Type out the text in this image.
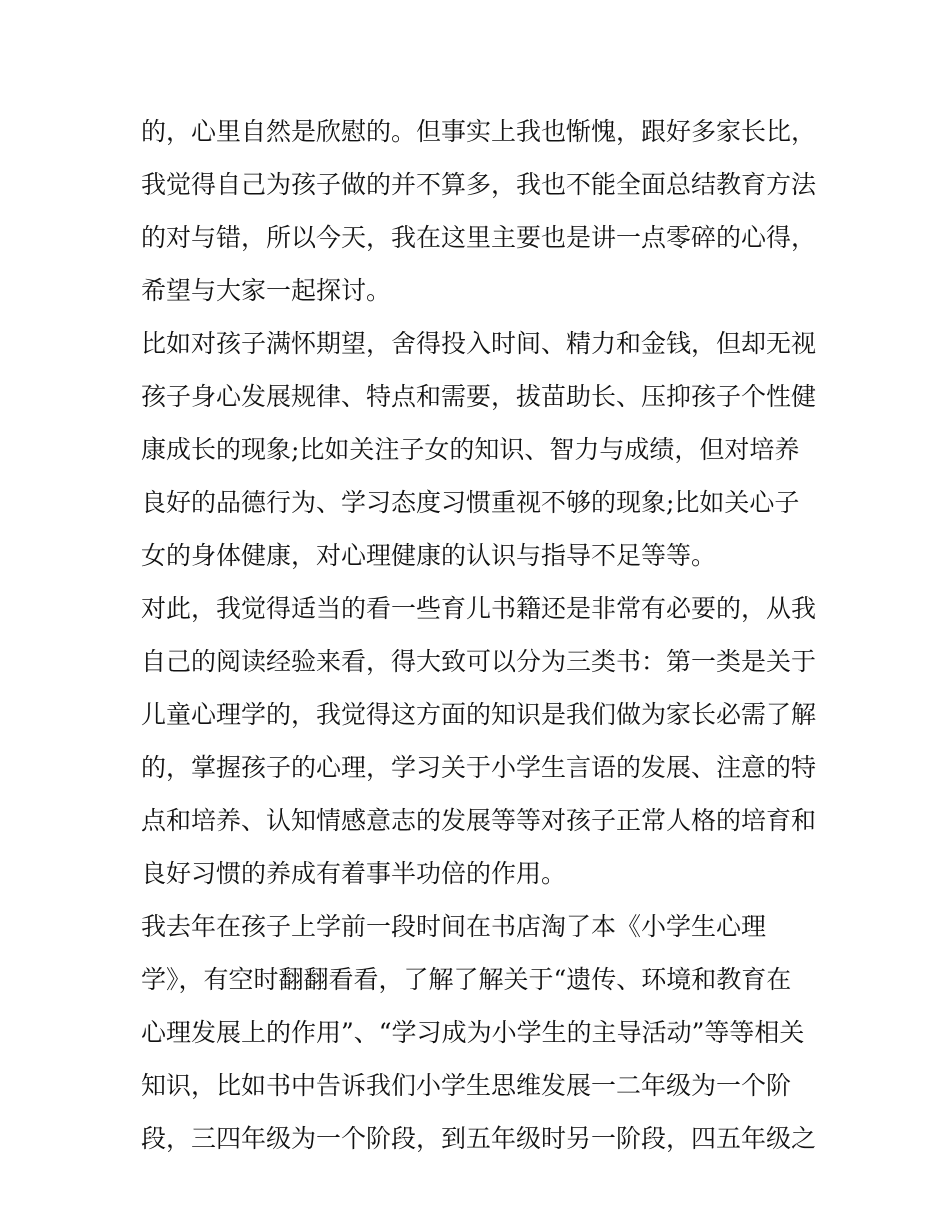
的，心里自然是欣慰的。但事实上我也惭愧，跟好多家长比，
我觉得自己为孩子做的并不算多，我也不能全面总结教育方法
的对与错，所以今天，我在这里主要也是讲一点零碎的心得，
希望与大家一起探讨。
比如对孩子满怀期望，舍得投入时间、精力和金钱，但却无视
孩子身心发展规律、特点和需要，拔苗助长、压抑孩子个性健
康成长的现象;比如关注子女的知识、智力与成绩，但对培养
良好的品德行为、学习态度习惯重视不够的现象;比如关心子
女的身体健康，对心理健康的认识与指导不足等等。
对此，我觉得适当的看一些育儿书籍还是非常有必要的，从我
自己的阅读经验来看，得大致可以分为三类书：第一类是关于
儿童心理学的，我觉得这方面的知识是我们做为家长必需了解
的，掌握孩子的心理，学习关于小学生言语的发展、注意的特
点和培养、认知情感意志的发展等等对孩子正常人格的培育和
良好习惯的养成有着事半功倍的作用。
我去年在孩子上学前一段时间在书店淘了本《小学生心理
学》，有空时翻翻看看，了解了解关于“遗传、环境和教育在
心理发展上的作用”、“学习成为小学生的主导活动”等等相关
知识，比如书中告诉我们小学生思维发展一二年级为一个阶
段，三四年级为一个阶段，到五年级时另一阶段，四五年级之
